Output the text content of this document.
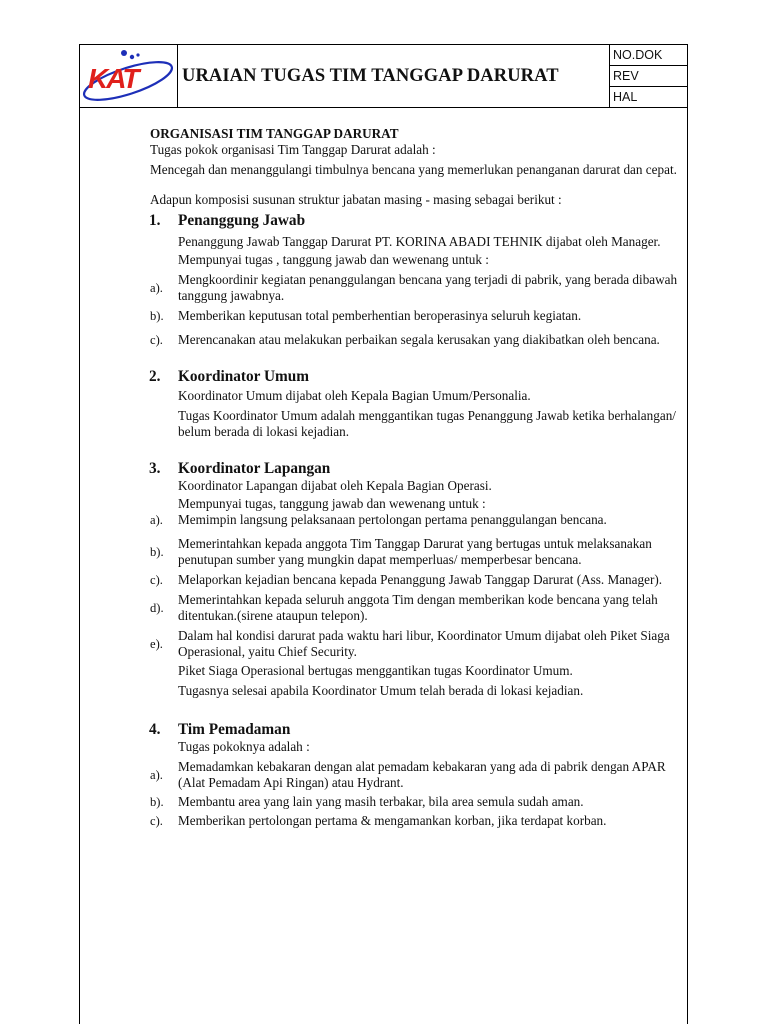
KAT URAIAN TUGAS TIM TANGGAP DARURAT
NO.DOK
REV
HAL

ORGANISASI TIM TANGGAP DARURAT

Tugas pokok organisasi Tim Tanggap Darurat adalah :

Mencegah dan menanggulangi timbulnya bencana yang memerlukan penanganan darurat dan cepat.

Adapun komposisi susunan struktur jabatan masing - masing sebagai berikut :

1. Penanggung Jawab

Penanggung Jawab Tanggap Darurat PT. KORINA ABADI TEHNIK dijabat oleh Manager.

Mempunyai tugas , tanggung jawab dan wewenang untuk :

a).
Mengkoordinir kegiatan penanggulangan bencana yang terjadi di pabrik, yang berada dibawah tanggung jawabnya.
b). Memberikan keputusan total pemberhentian beroperasinya seluruh kegiatan.
c). Merencanakan atau melakukan perbaikan segala kerusakan yang diakibatkan oleh bencana.
2. Koordinator Umum

Koordinator Umum dijabat oleh Kepala Bagian Umum/Personalia.

Tugas Koordinator Umum adalah menggantikan tugas Penanggung Jawab ketika berhalangan/ belum berada di lokasi kejadian.

3. Koordinator Lapangan

Koordinator Lapangan dijabat oleh Kepala Bagian Operasi.

Mempunyai tugas, tanggung jawab dan wewenang untuk :

a). Memimpin langsung pelaksanaan pertolongan pertama penanggulangan bencana.
b).
Memerintahkan kepada anggota Tim Tanggap Darurat yang bertugas untuk melaksanakan penutupan sumber yang mungkin dapat memperluas/ memperbesar bencana.
c). Melaporkan kejadian bencana kepada Penanggung Jawab Tanggap Darurat (Ass. Manager).
d).
Memerintahkan kepada seluruh anggota Tim dengan memberikan kode bencana yang telah ditentukan.(sirene ataupun telepon).
e).
Dalam hal kondisi darurat pada waktu hari libur, Koordinator Umum dijabat oleh Piket Siaga Operasional, yaitu Chief Security.

Piket Siaga Operasional bertugas menggantikan tugas Koordinator Umum.

Tugasnya selesai apabila Koordinator Umum telah berada di lokasi kejadian.

4. Tim Pemadaman

Tugas pokoknya adalah :

a).
Memadamkan kebakaran dengan alat pemadam kebakaran yang ada di pabrik dengan APAR (Alat Pemadam Api Ringan) atau Hydrant.
b). Membantu area yang lain yang masih terbakar, bila area semula sudah aman.
c). Memberikan pertolongan pertama & mengamankan korban, jika terdapat korban.
